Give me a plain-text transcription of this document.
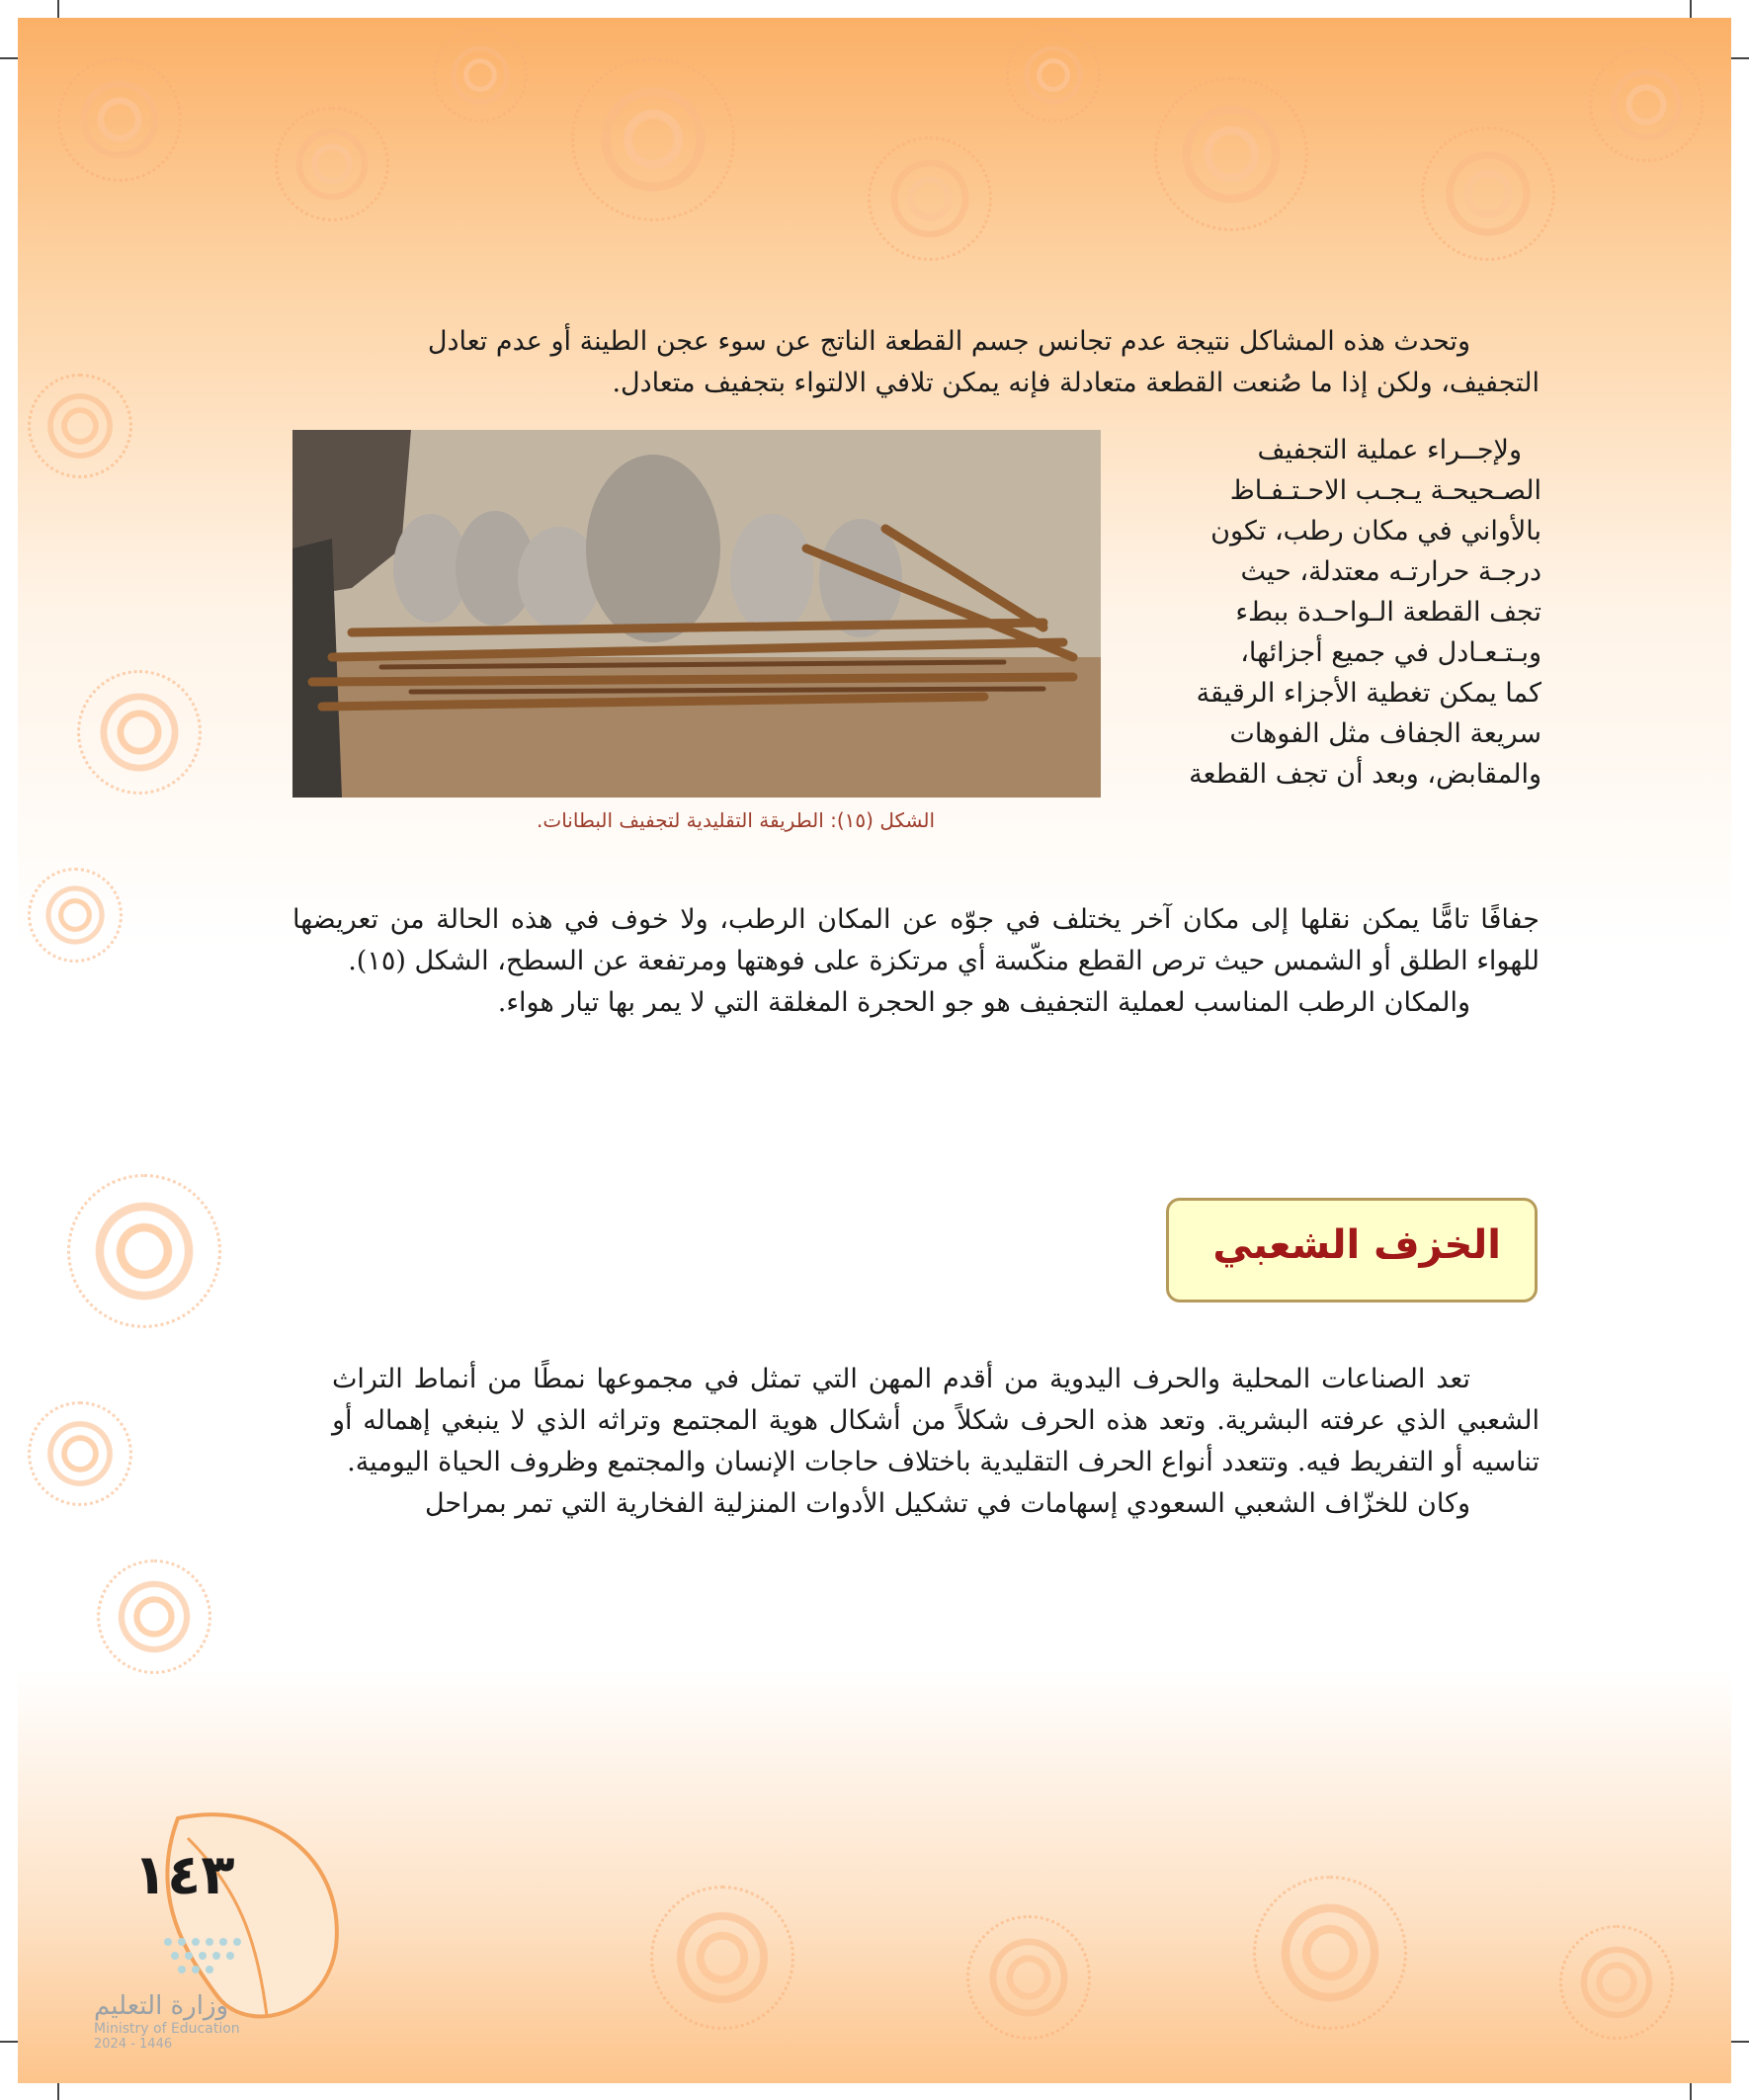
وتحدث هذه المشاكل نتيجة عدم تجانس جسم القطعة الناتج عن سوء عجن الطينة أو عدم تعادل

التجفيف، ولكن إذا ما صُنعت القطعة متعادلة فإنه يمكن تلافي الالتواء بتجفيف متعادل.

ولإجــراء عملية التجفيف

الصـحيحـة يـجـب الاحـتـفـاظ

بالأواني في مكان رطب، تكون

درجـة حرارتـه معتدلة، حيث

تجف القطعة الـواحـدة ببطء

وبـتـعـادل في جميع أجزائها،

كما يمكن تغطية الأجزاء الرقيقة

سريعة الجفاف مثل الفوهات

والمقابض، وبعد أن تجف القطعة

الشكل (١٥): الطريقة التقليدية لتجفيف البطانات.

جفافًا تامًّا يمكن نقلها إلى مكان آخر يختلف في جوّه عن المكان الرطب، ولا خوف في هذه الحالة من تعريضها للهواء الطلق أو الشمس حيث ترص القطع منكّسة أي مرتكزة على فوهتها ومرتفعة عن السطح، الشكل (١٥).

والمكان الرطب المناسب لعملية التجفيف هو جو الحجرة المغلقة التي لا يمر بها تيار هواء.

الخزف الشعبي

تعد الصناعات المحلية والحرف اليدوية من أقدم المهن التي تمثل في مجموعها نمطًا من أنماط التراث الشعبي الذي عرفته البشرية. وتعد هذه الحرف شكلاً من أشكال هوية المجتمع وتراثه الذي لا ينبغي إهماله أو تناسيه أو التفريط فيه. وتتعدد أنواع الحرف التقليدية باختلاف حاجات الإنسان والمجتمع وظروف الحياة اليومية.

وكان للخزّاف الشعبي السعودي إسهامات في تشكيل الأدوات المنزلية الفخارية التي تمر بمراحل

١٤٣
وزارة التعليم
Ministry of Education
2024 - 1446
